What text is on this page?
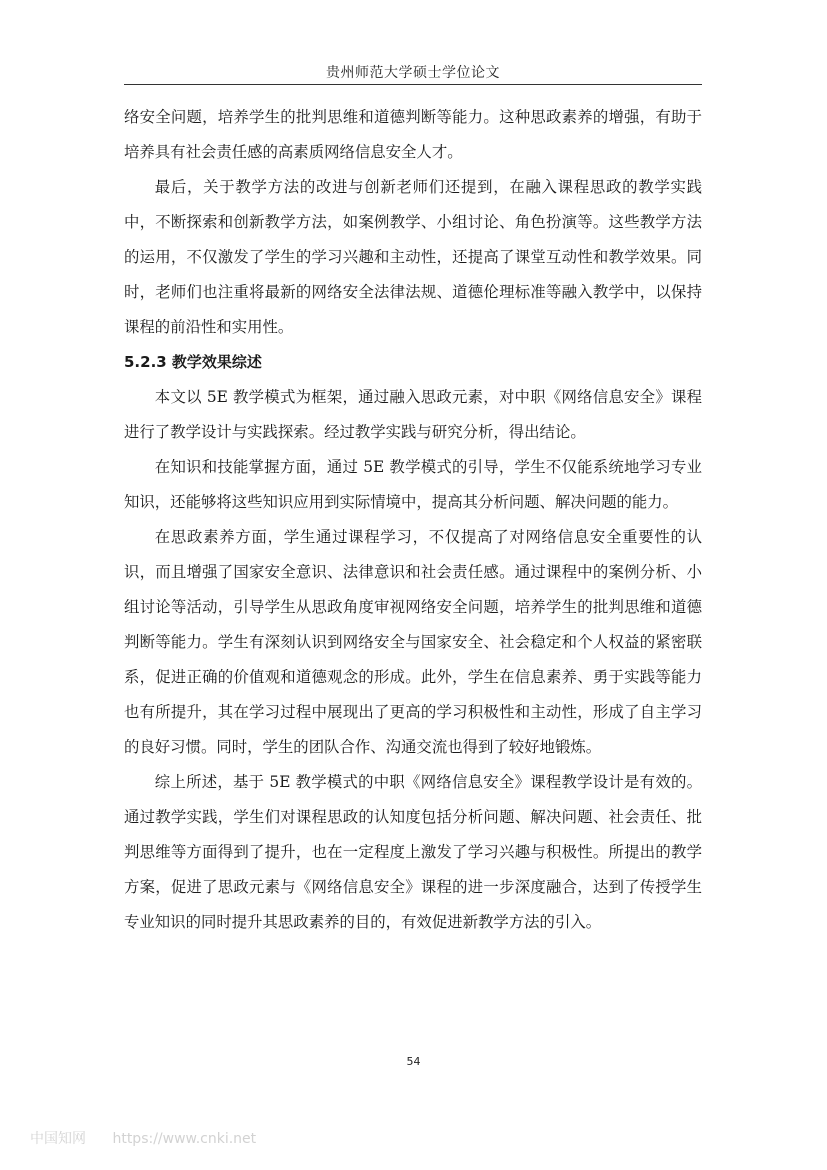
贵州师范大学硕士学位论文

络安全问题，培养学生的批判思维和道德判断等能力。这种思政素养的增强，有助于培养具有社会责任感的高素质网络信息安全人才。

最后，关于教学方法的改进与创新老师们还提到，在融入课程思政的教学实践中，不断探索和创新教学方法，如案例教学、小组讨论、角色扮演等。这些教学方法的运用，不仅激发了学生的学习兴趣和主动性，还提高了课堂互动性和教学效果。同时，老师们也注重将最新的网络安全法律法规、道德伦理标准等融入教学中，以保持课程的前沿性和实用性。

5.2.3 教学效果综述

本文以 5E 教学模式为框架，通过融入思政元素，对中职《网络信息安全》课程进行了教学设计与实践探索。经过教学实践与研究分析，得出结论。

在知识和技能掌握方面，通过 5E 教学模式的引导，学生不仅能系统地学习专业知识，还能够将这些知识应用到实际情境中，提高其分析问题、解决问题的能力。

在思政素养方面，学生通过课程学习，不仅提高了对网络信息安全重要性的认识，而且增强了国家安全意识、法律意识和社会责任感。通过课程中的案例分析、小组讨论等活动，引导学生从思政角度审视网络安全问题，培养学生的批判思维和道德判断等能力。学生有深刻认识到网络安全与国家安全、社会稳定和个人权益的紧密联系，促进正确的价值观和道德观念的形成。此外，学生在信息素养、勇于实践等能力也有所提升，其在学习过程中展现出了更高的学习积极性和主动性，形成了自主学习的良好习惯。同时，学生的团队合作、沟通交流也得到了较好地锻炼。

综上所述，基于 5E 教学模式的中职《网络信息安全》课程教学设计是有效的。通过教学实践，学生们对课程思政的认知度包括分析问题、解决问题、社会责任、批判思维等方面得到了提升，也在一定程度上激发了学习兴趣与积极性。所提出的教学方案，促进了思政元素与《网络信息安全》课程的进一步深度融合，达到了传授学生专业知识的同时提升其思政素养的目的，有效促进新教学方法的引入。

54
中国知网 https://www.cnki.net
